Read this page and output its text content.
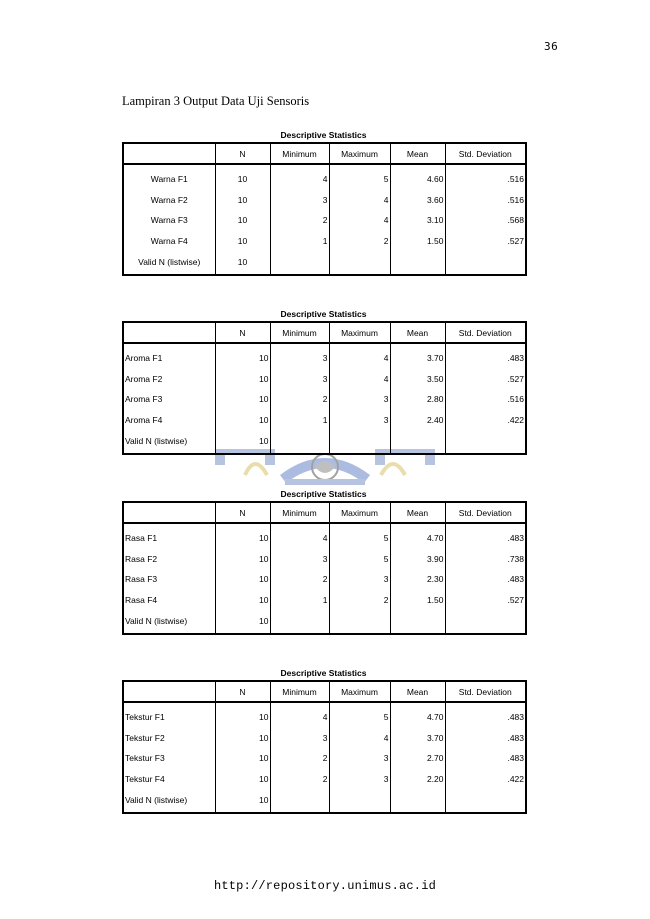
36
Lampiran 3 Output Data Uji Sensoris
Descriptive Statistics
	N	Minimum	Maximum	Mean	Std. Deviation
Warna F1	10	4	5	4.60	.516
Warna F2	10	3	4	3.60	.516
Warna F3	10	2	4	3.10	.568
Warna F4	10	1	2	1.50	.527
Valid N (listwise)	10				
Descriptive Statistics
	N	Minimum	Maximum	Mean	Std. Deviation
Aroma F1	10	3	4	3.70	.483
Aroma F2	10	3	4	3.50	.527
Aroma F3	10	2	3	2.80	.516
Aroma F4	10	1	3	2.40	.422
Valid N (listwise)	10				
Descriptive Statistics
	N	Minimum	Maximum	Mean	Std. Deviation
Rasa F1	10	4	5	4.70	.483
Rasa F2	10	3	5	3.90	.738
Rasa F3	10	2	3	2.30	.483
Rasa F4	10	1	2	1.50	.527
Valid N (listwise)	10				
Descriptive Statistics
	N	Minimum	Maximum	Mean	Std. Deviation
Tekstur F1	10	4	5	4.70	.483
Tekstur F2	10	3	4	3.70	.483
Tekstur F3	10	2	3	2.70	.483
Tekstur F4	10	2	3	2.20	.422
Valid N (listwise)	10				
http://repository.unimus.ac.id
